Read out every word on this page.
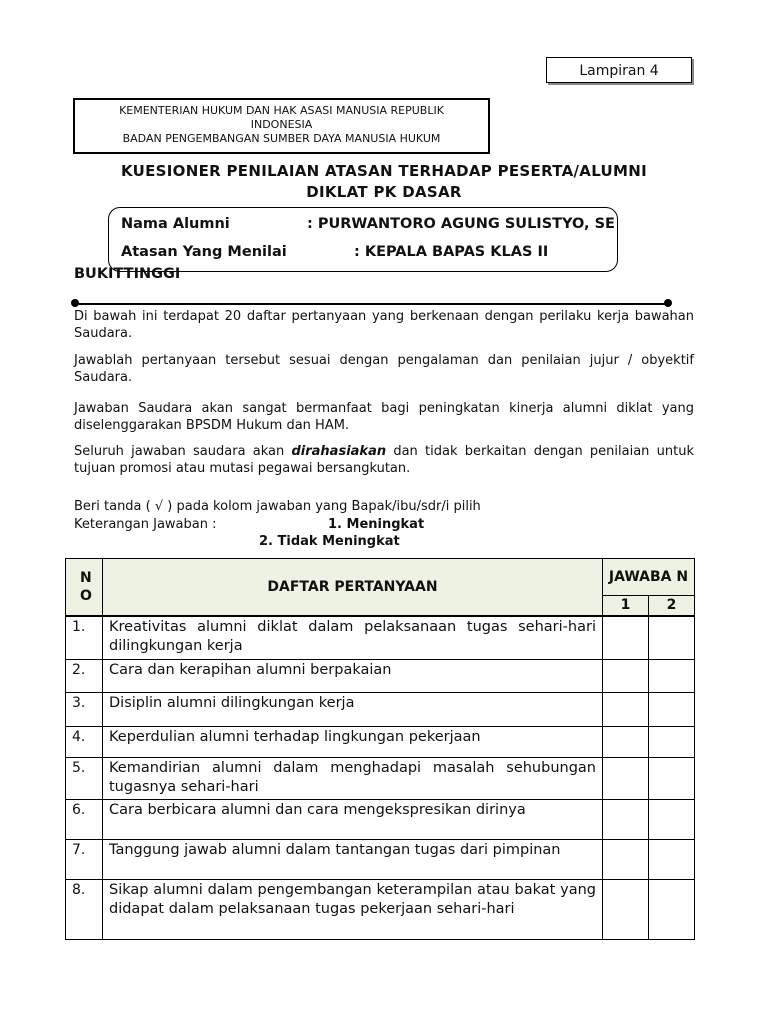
Lampiran 4
KEMENTERIAN HUKUM DAN HAK ASASI MANUSIA REPUBLIK
INDONESIA
BADAN PENGEMBANGAN SUMBER DAYA MANUSIA HUKUM
KUESIONER PENILAIAN ATASAN TERHADAP PESERTA/ALUMNI
DIKLAT PK DASAR
Nama Alumni	: PURWANTORO AGUNG SULISTYO, SE
Atasan Yang Menilai	: KEPALA BAPAS KLAS II
BUKITTINGGI
Di bawah ini terdapat 20 daftar pertanyaan yang berkenaan dengan perilaku kerja bawahan Saudara.
Jawablah pertanyaan tersebut sesuai dengan pengalaman dan penilaian jujur / obyektif Saudara.
Jawaban Saudara akan sangat bermanfaat bagi peningkatan kinerja alumni diklat yang diselenggarakan BPSDM Hukum dan HAM.
Seluruh jawaban saudara akan dirahasiakan dan tidak berkaitan dengan penilaian untuk tujuan promosi atau mutasi pegawai bersangkutan.
Beri tanda ( √ ) pada kolom jawaban yang Bapak/ibu/sdr/i pilih
Keterangan Jawaban :	1. Meningkat
2. Tidak Meningkat
N O	DAFTAR PERTANYAAN	JAWABA N	
		1	2
1.	Kreativitas alumni diklat dalam pelaksanaan tugas sehari-hari dilingkungan kerja		
2.	Cara dan kerapihan alumni berpakaian		
3.	Disiplin alumni dilingkungan kerja		
4.	Keperdulian alumni terhadap lingkungan pekerjaan		
5.	Kemandirian alumni dalam menghadapi masalah sehubungan tugasnya sehari-hari		
6.	Cara berbicara alumni dan cara mengekspresikan dirinya		
7.	Tanggung jawab alumni dalam tantangan tugas dari pimpinan		
8.	Sikap alumni dalam pengembangan keterampilan atau bakat yang didapat dalam pelaksanaan tugas pekerjaan sehari-hari		
